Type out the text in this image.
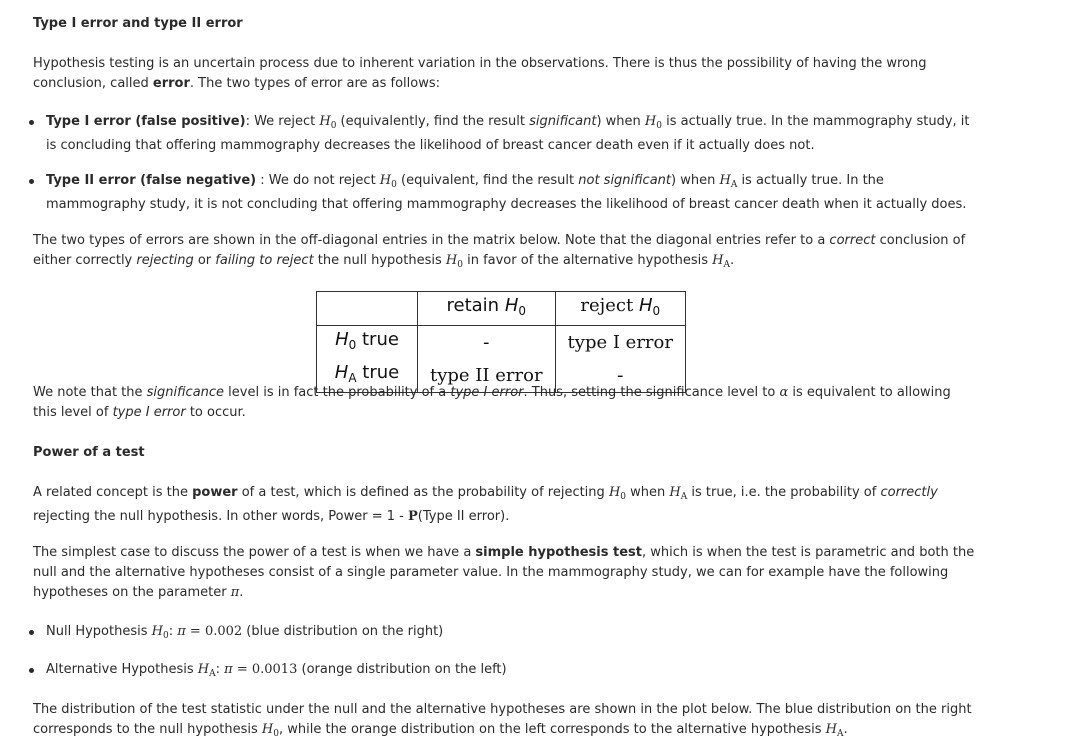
Type I error and type II error
Hypothesis testing is an uncertain process due to inherent variation in the observations. There is thus the possibility of having the wrong conclusion, called error. The two types of error are as follows:
Type I error (false positive): We reject $H_0$ (equivalently, find the result significant) when $H_0$ is actually true. In the mammography study, it is concluding that offering mammography decreases the likelihood of breast cancer death even if it actually does not.
Type II error (false negative) : We do not reject $H_0$ (equivalent, find the result not significant) when $H_A$ is actually true. In the mammography study, it is not concluding that offering mammography decreases the likelihood of breast cancer death when it actually does.
The two types of errors are shown in the off-diagonal entries in the matrix below. Note that the diagonal entries refer to a correct conclusion of either correctly rejecting or failing to reject the null hypothesis $H_0$ in favor of the alternative hypothesis $H_A$.
	retain $H_0$	reject $H_0$
$H_0$ true	-	type I error
$H_A$ true	type II error	-
We note that the significance level is in fact the probability of a type I error. Thus, setting the significance level to α is equivalent to allowing this level of type I error to occur.
Power of a test
A related concept is the power of a test, which is defined as the probability of rejecting $H_0$ when $H_A$ is true, i.e. the probability of correctly rejecting the null hypothesis. In other words, Power = 1 - P(Type II error).
The simplest case to discuss the power of a test is when we have a simple hypothesis test, which is when the test is parametric and both the null and the alternative hypotheses consist of a single parameter value. In the mammography study, we can for example have the following hypotheses on the parameter π.
Null Hypothesis $H_0$: π = 0.002 (blue distribution on the right)
Alternative Hypothesis $H_A$: π = 0.0013 (orange distribution on the left)
The distribution of the test statistic under the null and the alternative hypotheses are shown in the plot below. The blue distribution on the right corresponds to the null hypothesis $H_0$, while the orange distribution on the left corresponds to the alternative hypothesis $H_A$.
